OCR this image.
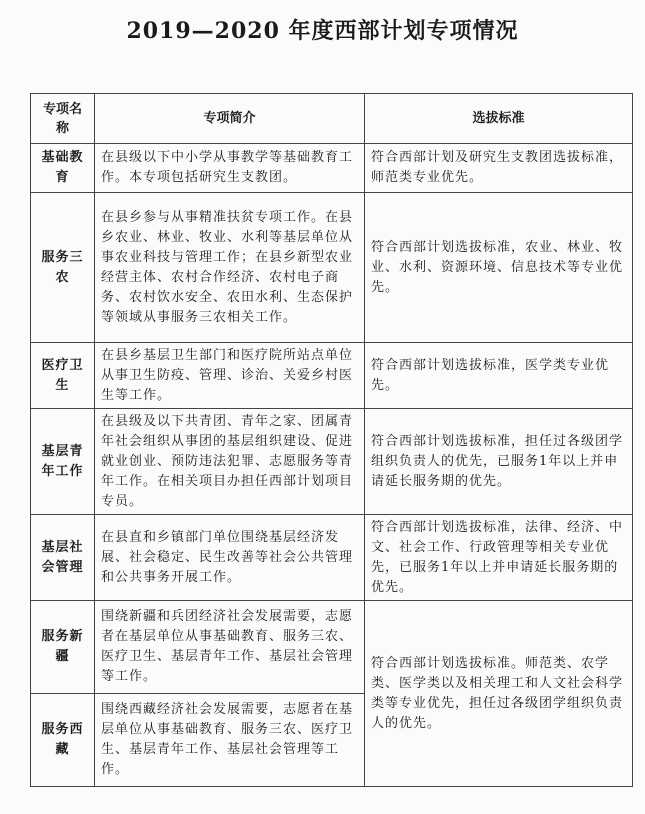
2019—2020 年度西部计划专项情况
专项名称	专项简介	选拔标准
基础教育	在县级以下中小学从事教学等基础教育工作。本专项包括研究生支教团。	符合西部计划及研究生支教团选拔标准，师范类专业优先。
服务三农	在县乡参与从事精准扶贫专项工作。在县乡农业、林业、牧业、水利等基层单位从事农业科技与管理工作；在县乡新型农业经营主体、农村合作经济、农村电子商务、农村饮水安全、农田水利、生态保护等领域从事服务三农相关工作。	符合西部计划选拔标准，农业、林业、牧业、水利、资源环境、信息技术等专业优先。
医疗卫生	在县乡基层卫生部门和医疗院所站点单位从事卫生防疫、管理、诊治、关爱乡村医生等工作。	符合西部计划选拔标准，医学类专业优先。
基层青年工作	在县级及以下共青团、青年之家、团属青年社会组织从事团的基层组织建设、促进就业创业、预防违法犯罪、志愿服务等青年工作。在相关项目办担任西部计划项目专员。	符合西部计划选拔标准，担任过各级团学组织负责人的优先，已服务1年以上并申请延长服务期的优先。
基层社会管理	在县直和乡镇部门单位围绕基层经济发展、社会稳定、民生改善等社会公共管理和公共事务开展工作。	符合西部计划选拔标准，法律、经济、中文、社会工作、行政管理等相关专业优先，已服务1年以上并申请延长服务期的优先。
服务新疆	围绕新疆和兵团经济社会发展需要，志愿者在基层单位从事基础教育、服务三农、医疗卫生、基层青年工作、基层社会管理等工作。	符合西部计划选拔标准。师范类、农学类、医学类以及相关理工和人文社会科学类等专业优先，担任过各级团学组织负责人的优先。
服务西藏	围绕西藏经济社会发展需要，志愿者在基层单位从事基础教育、服务三农、医疗卫生、基层青年工作、基层社会管理等工作。	
